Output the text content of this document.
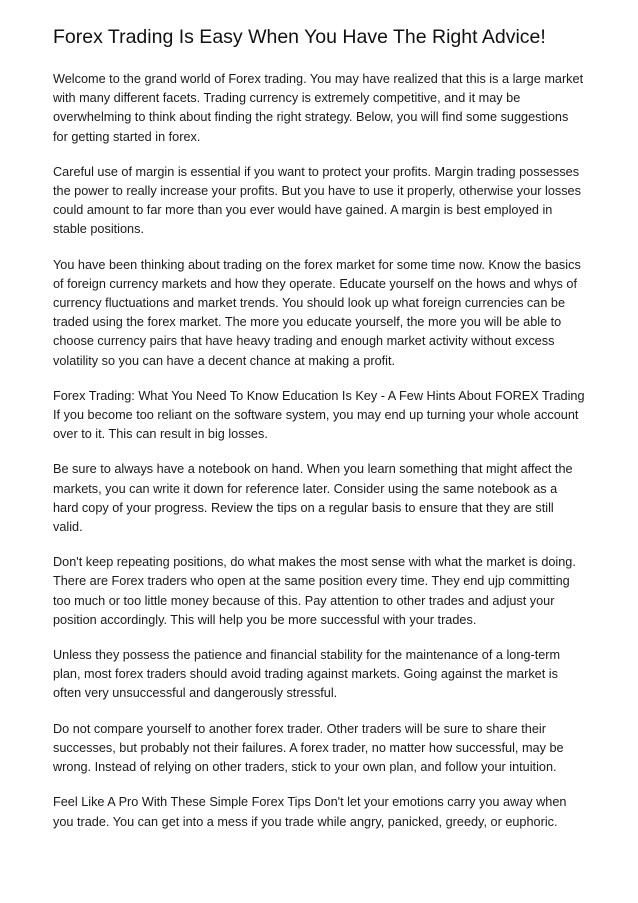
Forex Trading Is Easy When You Have The Right Advice!

Welcome to the grand world of Forex trading. You may have realized that this is a large market with many different facets. Trading currency is extremely competitive, and it may be overwhelming to think about finding the right strategy. Below, you will find some suggestions for getting started in forex.

Careful use of margin is essential if you want to protect your profits. Margin trading possesses the power to really increase your profits. But you have to use it properly, otherwise your losses could amount to far more than you ever would have gained. A margin is best employed in stable positions.

You have been thinking about trading on the forex market for some time now. Know the basics of foreign currency markets and how they operate. Educate yourself on the hows and whys of currency fluctuations and market trends. You should look up what foreign currencies can be traded using the forex market. The more you educate yourself, the more you will be able to choose currency pairs that have heavy trading and enough market activity without excess volatility so you can have a decent chance at making a profit.

Forex Trading: What You Need To Know Education Is Key - A Few Hints About FOREX Trading If you become too reliant on the software system, you may end up turning your whole account over to it. This can result in big losses.

Be sure to always have a notebook on hand. When you learn something that might affect the markets, you can write it down for reference later. Consider using the same notebook as a hard copy of your progress. Review the tips on a regular basis to ensure that they are still valid.

Don't keep repeating positions, do what makes the most sense with what the market is doing. There are Forex traders who open at the same position every time. They end ujp committing too much or too little money because of this. Pay attention to other trades and adjust your position accordingly. This will help you be more successful with your trades.

Unless they possess the patience and financial stability for the maintenance of a long-term plan, most forex traders should avoid trading against markets. Going against the market is often very unsuccessful and dangerously stressful.

Do not compare yourself to another forex trader. Other traders will be sure to share their successes, but probably not their failures. A forex trader, no matter how successful, may be wrong. Instead of relying on other traders, stick to your own plan, and follow your intuition.

Feel Like A Pro With These Simple Forex Tips Don't let your emotions carry you away when you trade. You can get into a mess if you trade while angry, panicked, greedy, or euphoric.
